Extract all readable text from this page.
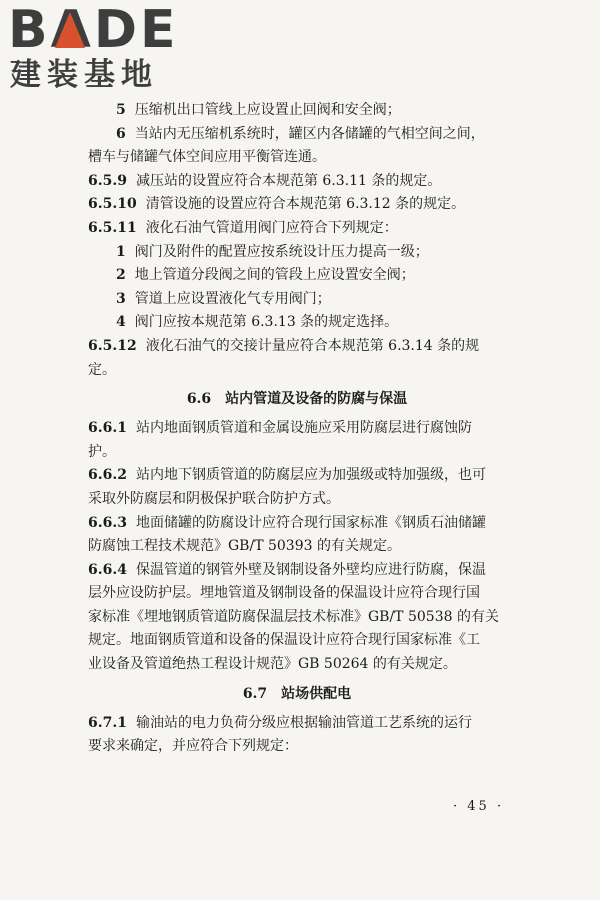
BADE
建装基地
5 压缩机出口管线上应设置止回阀和安全阀；
6 当站内无压缩机系统时，罐区内各储罐的气相空间之间，
槽车与储罐气体空间应用平衡管连通。
6.5.9 减压站的设置应符合本规范第 6.3.11 条的规定。
6.5.10 清管设施的设置应符合本规范第 6.3.12 条的规定。
6.5.11 液化石油气管道用阀门应符合下列规定：
1 阀门及附件的配置应按系统设计压力提高一级；
2 地上管道分段阀之间的管段上应设置安全阀；
3 管道上应设置液化气专用阀门；
4 阀门应按本规范第 6.3.13 条的规定选择。
6.5.12 液化石油气的交接计量应符合本规范第 6.3.14 条的规
定。
6.6 站内管道及设备的防腐与保温
6.6.1 站内地面钢质管道和金属设施应采用防腐层进行腐蚀防
护。
6.6.2 站内地下钢质管道的防腐层应为加强级或特加强级，也可
采取外防腐层和阴极保护联合防护方式。
6.6.3 地面储罐的防腐设计应符合现行国家标准《钢质石油储罐
防腐蚀工程技术规范》GB/T 50393 的有关规定。
6.6.4 保温管道的钢管外壁及钢制设备外壁均应进行防腐，保温
层外应设防护层。埋地管道及钢制设备的保温设计应符合现行国
家标准《埋地钢质管道防腐保温层技术标准》GB/T 50538 的有关
规定。地面钢质管道和设备的保温设计应符合现行国家标准《工
业设备及管道绝热工程设计规范》GB 50264 的有关规定。
6.7 站场供配电
6.7.1 输油站的电力负荷分级应根据输油管道工艺系统的运行
要求来确定，并应符合下列规定：
· 45 ·
